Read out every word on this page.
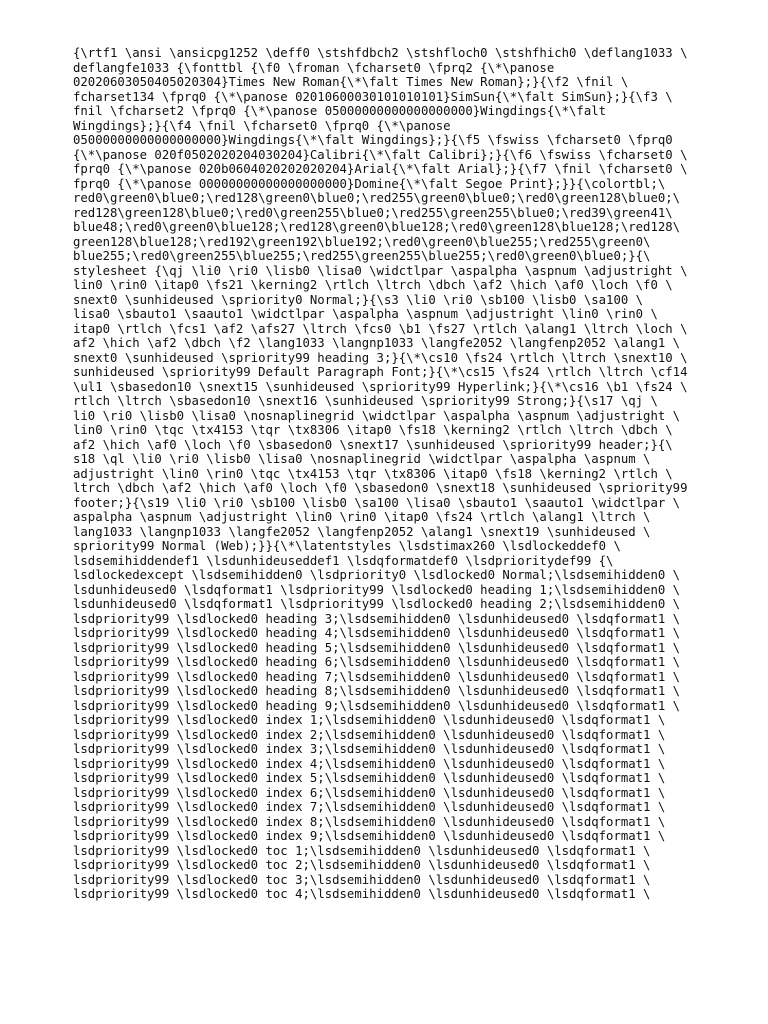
{\rtf1 \ansi \ansicpg1252 \deff0 \stshfdbch2 \stshfloch0 \stshfhich0 \deflang1033 \
deflangfe1033 {\fonttbl {\f0 \froman \fcharset0 \fprq2 {\*\panose
02020603050405020304}Times New Roman{\*\falt Times New Roman};}{\f2 \fnil \
fcharset134 \fprq0 {\*\panose 02010600030101010101}SimSun{\*\falt SimSun};}{\f3 \
fnil \fcharset2 \fprq0 {\*\panose 05000000000000000000}Wingdings{\*\falt
Wingdings};}{\f4 \fnil \fcharset0 \fprq0 {\*\panose
05000000000000000000}Wingdings{\*\falt Wingdings};}{\f5 \fswiss \fcharset0 \fprq0
{\*\panose 020f0502020204030204}Calibri{\*\falt Calibri};}{\f6 \fswiss \fcharset0 \
fprq0 {\*\panose 020b0604020202020204}Arial{\*\falt Arial};}{\f7 \fnil \fcharset0 \
fprq0 {\*\panose 00000000000000000000}Domine{\*\falt Segoe Print};}}{\colortbl;\
red0\green0\blue0;\red128\green0\blue0;\red255\green0\blue0;\red0\green128\blue0;\
red128\green128\blue0;\red0\green255\blue0;\red255\green255\blue0;\red39\green41\
blue48;\red0\green0\blue128;\red128\green0\blue128;\red0\green128\blue128;\red128\
green128\blue128;\red192\green192\blue192;\red0\green0\blue255;\red255\green0\
blue255;\red0\green255\blue255;\red255\green255\blue255;\red0\green0\blue0;}{\
stylesheet {\qj \li0 \ri0 \lisb0 \lisa0 \widctlpar \aspalpha \aspnum \adjustright \
lin0 \rin0 \itap0 \fs21 \kerning2 \rtlch \ltrch \dbch \af2 \hich \af0 \loch \f0 \
snext0 \sunhideused \spriority0 Normal;}{\s3 \li0 \ri0 \sb100 \lisb0 \sa100 \
lisa0 \sbauto1 \saauto1 \widctlpar \aspalpha \aspnum \adjustright \lin0 \rin0 \
itap0 \rtlch \fcs1 \af2 \afs27 \ltrch \fcs0 \b1 \fs27 \rtlch \alang1 \ltrch \loch \
af2 \hich \af2 \dbch \f2 \lang1033 \langnp1033 \langfe2052 \langfenp2052 \alang1 \
snext0 \sunhideused \spriority99 heading 3;}{\*\cs10 \fs24 \rtlch \ltrch \snext10 \
sunhideused \spriority99 Default Paragraph Font;}{\*\cs15 \fs24 \rtlch \ltrch \cf14
\ul1 \sbasedon10 \snext15 \sunhideused \spriority99 Hyperlink;}{\*\cs16 \b1 \fs24 \
rtlch \ltrch \sbasedon10 \snext16 \sunhideused \spriority99 Strong;}{\s17 \qj \
li0 \ri0 \lisb0 \lisa0 \nosnaplinegrid \widctlpar \aspalpha \aspnum \adjustright \
lin0 \rin0 \tqc \tx4153 \tqr \tx8306 \itap0 \fs18 \kerning2 \rtlch \ltrch \dbch \
af2 \hich \af0 \loch \f0 \sbasedon0 \snext17 \sunhideused \spriority99 header;}{\
s18 \ql \li0 \ri0 \lisb0 \lisa0 \nosnaplinegrid \widctlpar \aspalpha \aspnum \
adjustright \lin0 \rin0 \tqc \tx4153 \tqr \tx8306 \itap0 \fs18 \kerning2 \rtlch \
ltrch \dbch \af2 \hich \af0 \loch \f0 \sbasedon0 \snext18 \sunhideused \spriority99
footer;}{\s19 \li0 \ri0 \sb100 \lisb0 \sa100 \lisa0 \sbauto1 \saauto1 \widctlpar \
aspalpha \aspnum \adjustright \lin0 \rin0 \itap0 \fs24 \rtlch \alang1 \ltrch \
lang1033 \langnp1033 \langfe2052 \langfenp2052 \alang1 \snext19 \sunhideused \
spriority99 Normal (Web);}}{\*\latentstyles \lsdstimax260 \lsdlockeddef0 \
lsdsemihiddendef1 \lsdunhideuseddef1 \lsdqformatdef0 \lsdprioritydef99 {\
lsdlockedexcept \lsdsemihidden0 \lsdpriority0 \lsdlocked0 Normal;\lsdsemihidden0 \
lsdunhideused0 \lsdqformat1 \lsdpriority99 \lsdlocked0 heading 1;\lsdsemihidden0 \
lsdunhideused0 \lsdqformat1 \lsdpriority99 \lsdlocked0 heading 2;\lsdsemihidden0 \
lsdpriority99 \lsdlocked0 heading 3;\lsdsemihidden0 \lsdunhideused0 \lsdqformat1 \
lsdpriority99 \lsdlocked0 heading 4;\lsdsemihidden0 \lsdunhideused0 \lsdqformat1 \
lsdpriority99 \lsdlocked0 heading 5;\lsdsemihidden0 \lsdunhideused0 \lsdqformat1 \
lsdpriority99 \lsdlocked0 heading 6;\lsdsemihidden0 \lsdunhideused0 \lsdqformat1 \
lsdpriority99 \lsdlocked0 heading 7;\lsdsemihidden0 \lsdunhideused0 \lsdqformat1 \
lsdpriority99 \lsdlocked0 heading 8;\lsdsemihidden0 \lsdunhideused0 \lsdqformat1 \
lsdpriority99 \lsdlocked0 heading 9;\lsdsemihidden0 \lsdunhideused0 \lsdqformat1 \
lsdpriority99 \lsdlocked0 index 1;\lsdsemihidden0 \lsdunhideused0 \lsdqformat1 \
lsdpriority99 \lsdlocked0 index 2;\lsdsemihidden0 \lsdunhideused0 \lsdqformat1 \
lsdpriority99 \lsdlocked0 index 3;\lsdsemihidden0 \lsdunhideused0 \lsdqformat1 \
lsdpriority99 \lsdlocked0 index 4;\lsdsemihidden0 \lsdunhideused0 \lsdqformat1 \
lsdpriority99 \lsdlocked0 index 5;\lsdsemihidden0 \lsdunhideused0 \lsdqformat1 \
lsdpriority99 \lsdlocked0 index 6;\lsdsemihidden0 \lsdunhideused0 \lsdqformat1 \
lsdpriority99 \lsdlocked0 index 7;\lsdsemihidden0 \lsdunhideused0 \lsdqformat1 \
lsdpriority99 \lsdlocked0 index 8;\lsdsemihidden0 \lsdunhideused0 \lsdqformat1 \
lsdpriority99 \lsdlocked0 index 9;\lsdsemihidden0 \lsdunhideused0 \lsdqformat1 \
lsdpriority99 \lsdlocked0 toc 1;\lsdsemihidden0 \lsdunhideused0 \lsdqformat1 \
lsdpriority99 \lsdlocked0 toc 2;\lsdsemihidden0 \lsdunhideused0 \lsdqformat1 \
lsdpriority99 \lsdlocked0 toc 3;\lsdsemihidden0 \lsdunhideused0 \lsdqformat1 \
lsdpriority99 \lsdlocked0 toc 4;\lsdsemihidden0 \lsdunhideused0 \lsdqformat1 \
